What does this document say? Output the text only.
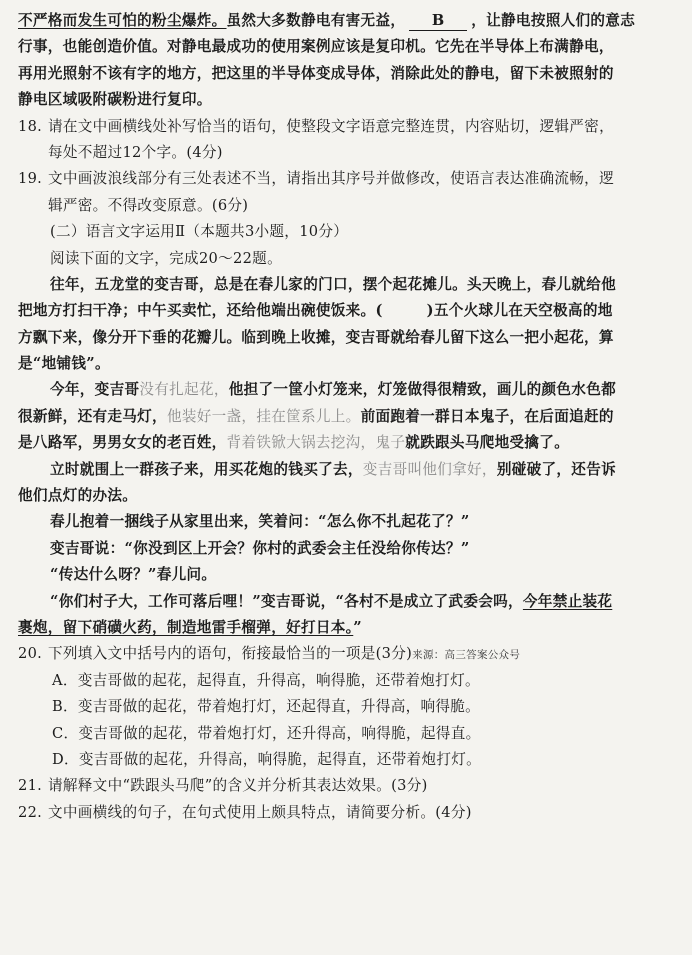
不严格而发生可怕的粉尘爆炸。虽然大多数静电有害无益， B ，让静电按照人们的意志
行事，也能创造价值。对静电最成功的使用案例应该是复印机。它先在半导体上布满静电，
再用光照射不该有字的地方，把这里的半导体变成导体，消除此处的静电，留下未被照射的
静电区域吸附碳粉进行复印。
18. 请在文中画横线处补写恰当的语句，使整段文字语意完整连贯，内容贴切，逻辑严密，
每处不超过12个字。(4分)
19. 文中画波浪线部分有三处表述不当，请指出其序号并做修改，使语言表达准确流畅，逻
辑严密。不得改变原意。(6分)
(二）语言文字运用Ⅱ（本题共3小题，10分）
阅读下面的文字，完成20～22题。
往年，五龙堂的变吉哥，总是在春儿家的门口，摆个起花摊儿。头天晚上，春儿就给他
把地方打扫干净；中午买卖忙，还给他端出碗使饭来。(	)五个火球儿在天空极高的地
方飘下来，像分开下垂的花瓣儿。临到晚上收摊，变吉哥就给春儿留下这么一把小起花，算
是“地铺钱”。
今年，变吉哥没有扎起花，他担了一筐小灯笼来，灯笼做得很精致，画儿的颜色水色都
很新鲜，还有走马灯，他装好一盏，挂在筐系儿上。前面跑着一群日本鬼子，在后面追赶的
是八路军，男男女女的老百姓，背着铁锨大锅去挖沟，鬼子就跌跟头马爬地受擒了。
立时就围上一群孩子来，用买花炮的钱买了去，变吉哥叫他们拿好，别碰破了，还告诉
他们点灯的办法。
春儿抱着一捆线子从家里出来，笑着问：“怎么你不扎起花了？”
变吉哥说：“你没到区上开会？你村的武委会主任没给你传达？”
“传达什么呀？”春儿问。
“你们村子大，工作可落后哩！”变吉哥说，“各村不是成立了武委会吗，今年禁止装花
裹炮，留下硝磺火药，制造地雷手榴弹，好打日本。”
20. 下列填入文中括号内的语句，衔接最恰当的一项是(3分)来源：高三答案公众号
A．变吉哥做的起花，起得直，升得高，响得脆，还带着炮打灯。
B．变吉哥做的起花，带着炮打灯，还起得直，升得高，响得脆。
C．变吉哥做的起花，带着炮打灯，还升得高，响得脆，起得直。
D．变吉哥做的起花，升得高，响得脆，起得直，还带着炮打灯。
21. 请解释文中“跌跟头马爬”的含义并分析其表达效果。(3分)
22. 文中画横线的句子，在句式使用上颇具特点，请简要分析。(4分)
